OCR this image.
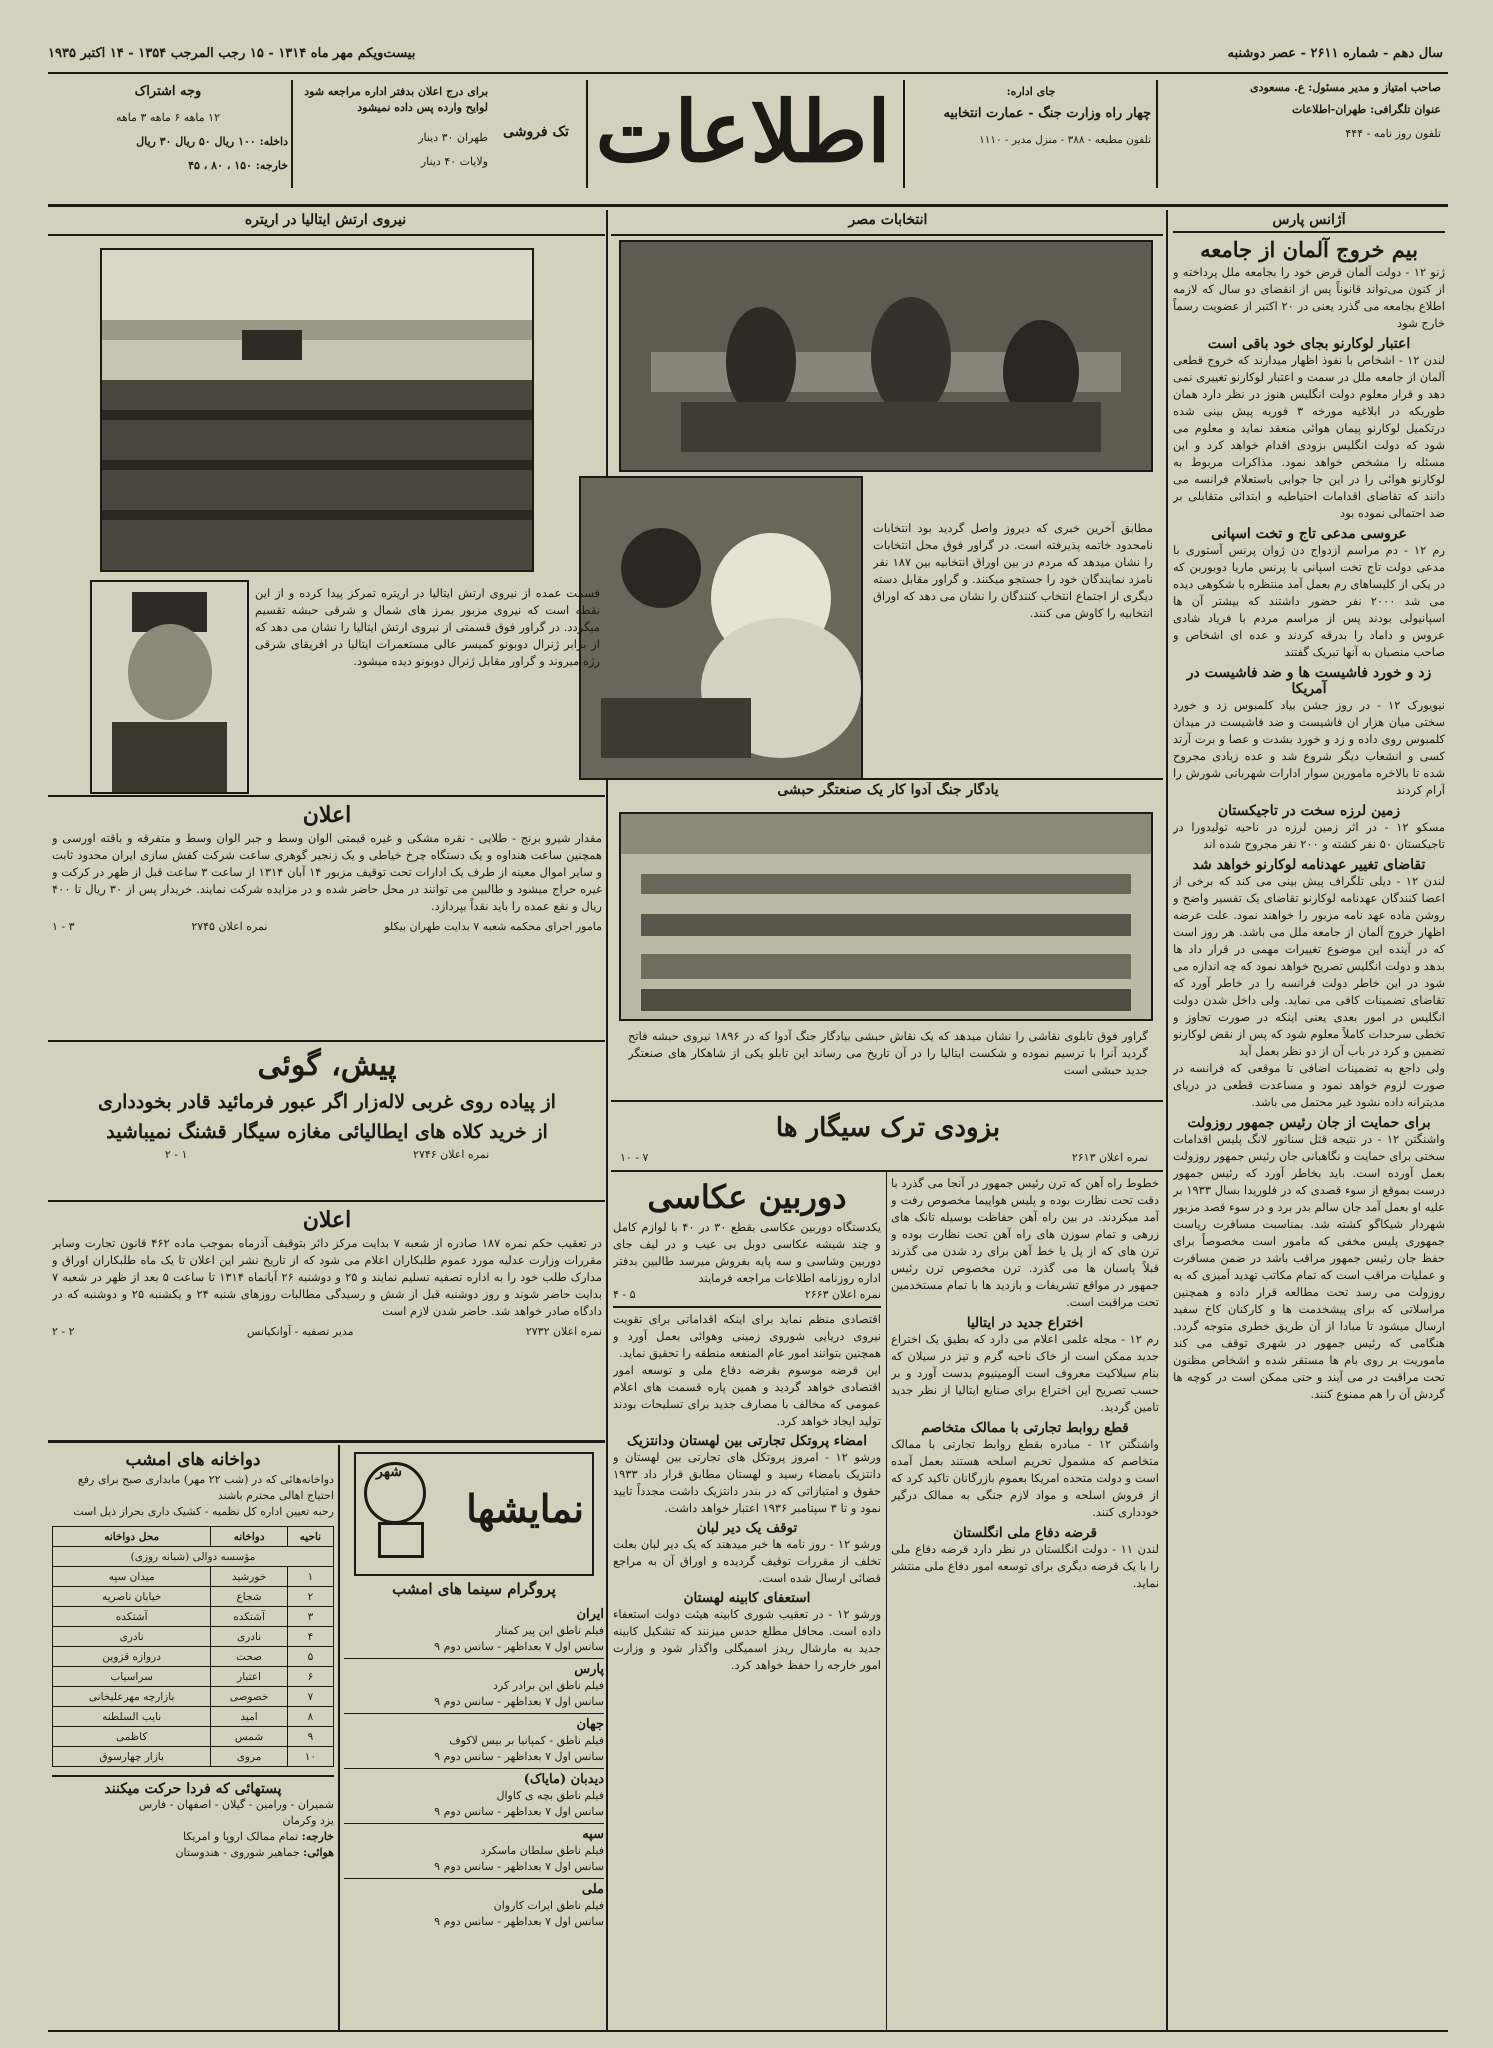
سال دهم - شماره ۲۶۱۱ - عصر دوشنبه
بیست‌ویکم مهر ماه ۱۳۱۴ - ۱۵ رجب المرجب ۱۳۵۴ - ۱۴ اکتبر ۱۹۳۵
صاحب امتیاز و مدیر مسئول: ع. مسعودی
عنوان تلگرافی: طهران-اطلاعات
تلفون روز نامه - ۴۴۴
جای اداره:
چهار راه وزارت جنگ - عمارت انتخابیه
تلفون مطبعه - ۳۸۸ - منزل مدیر - ۱۱۱۰
اطلاعات
تک فروشی
برای درج اعلان بدفتر اداره مراجعه شود لوایح وارده پس داده نمیشود
طهران ۳۰ دینار
ولایات ۴۰ دینار
وجه اشتراک
۱۲ ماهه ۶ ماهه ۳ ماهه
داخله: ۱۰۰ ریال ۵۰ ریال ۳۰ ریال
خارجه: ۱۵۰ ، ۸۰ ، ۴۵
آژانس پارس
بیم خروج آلمان از جامعه
ژنو ۱۲ - دولت آلمان قرض خود را بجامعه ملل پرداخته و از کنون می‌تواند قانوناً پس از انقضای دو سال که لازمه اطلاع بجامعه می گذرد یعنی در ۲۰ اکتبر از عضویت رسماً خارج شود
اعتبار لوکارنو بجای خود باقی است
لندن ۱۲ - اشخاص با نفوذ اظهار میدارند که خروج قطعی آلمان از جامعه ملل در سمت و اعتبار لوکارنو تغییری نمی دهد و قرار معلوم دولت انگلیس هنوز در نظر دارد همان طوریکه در ابلاغیه مورخه ۳ فوریه پیش بینی شده درتکمیل لوکارنو پیمان هوائی منعقد نماید و معلوم می شود که دولت انگلیس بزودی اقدام خواهد کرد و این مسئله را مشخص خواهد نمود. مذاکرات مربوط به لوکارنو هوائی را در این جا جوابی باستعلام فرانسه می دانند که تقاضای اقدامات احتیاطیه و ابتدائی متقابلی بر ضد احتمالی نموده بود
عروسی مدعی تاج و تخت اسپانی
رم ۱۲ - دم مراسم ازدواج دن ژوان پرنس آستوری با مدعی دولت تاج تخت اسپانی با پرنس ماریا دوبوربن که در یکی از کلیساهای رم بعمل آمد منتظره با شکوهی دیده می شد ۲۰۰۰ نفر حضور داشتند که بیشتر آن ها اسپانیولی بودند پس از مراسم مردم با فریاد شادی عروس و داماد را بدرقه کردند و عده ای اشخاص و صاحب منصبان به آنها تبریک گفتند
زد و خورد فاشیست ها و ضد فاشیست در آمریکا
نیویورک ۱۲ - در روز جشن بیاد کلمبوس زد و خورد سختی میان هزار ان فاشیست و ضد فاشیست در میدان کلمبوس روی داده و زد و خورد بشدت و عصا و برت آرتد کسی و انشعاب دیگر شروع شد و عده زیادی مجروح شده تا بالاخره مامورین سوار ادارات شهربانی شورش را آرام کردند
زمین لرزه سخت در تاجیکستان
مسکو ۱۲ - در اثر زمین لرزه در ناحیه تولیدورا در تاجیکستان ۵۰ نفر کشته و ۲۰۰ نفر مجروح شده اند
تقاضای تغییر عهدنامه لوکارنو خواهد شد
لندن ۱۲ - دیلی تلگراف پیش بینی می کند که برخی از اعضا کنندگان عهدنامه لوکارنو تقاضای یک تفسیر واضح و روشن ماده عهد نامه مزبور را خواهند نمود. علت عرضه اظهار خروج آلمان از جامعه ملل می باشد. هر روز است که در آینده این موضوع تغییرات مهمی در قرار داد ها بدهد و دولت انگلیس تصریح خواهد نمود که چه اندازه می شود در این خاطر دولت فرانسه را در خاطر آورد که تقاضای تضمینات کافی می نماید. ولی داخل شدن دولت انگلیس در امور بعدی یعنی اینکه در صورت تجاوز و تخطی سرحدات کاملاً معلوم شود که پس از نقض لوکارنو تضمین و کرد در باب آن از دو نظر بعمل آید
ولی داجع به تضمینات اضافی تا موقعی که فرانسه در صورت لزوم خواهد نمود و مساعدت قطعی در دریای مدیترانه داده نشود غیر محتمل می باشد.
برای حمایت از جان رئیس جمهور روزولت
واشنگتن ۱۲ - در نتیجه قتل سناتور لانگ پلیس اقدامات سختی برای حمایت و نگاهبانی جان رئیس جمهور روزولت بعمل آورده است. باید بخاطر آورد که رئیس جمهور درست بموقع از سوء قصدی که در فلوریدا بسال ۱۹۳۳ بر علیه او بعمل آمد جان سالم بدر برد و در سوء قصد مزبور شهردار شیکاگو کشته شد. بمناسبت مسافرت ریاست جمهوری پلیس مخفی که مامور است مخصوصاً برای حفظ جان رئیس جمهور مراقب باشد در ضمن مسافرت و عملیات مراقب است که تمام مکاتب تهدید آمیزی که به روزولت می رسد تحت مطالعه قرار داده و همچنین مراسلاتی که برای پیشخدمت ها و کارکنان کاخ سفید ارسال میشود تا مبادا از آن طریق خطری متوجه گردد. هنگامی که رئیس جمهور در شهری توقف می کند ماموریت بر روی بام ها مستقر شده و اشخاص مظنون تحت مراقبت در می آیند و حتی ممکن است در کوچه ها گردش آن را هم ممنوع کنند.
انتخابات مصر
مطابق آخرین خبری که دیروز واصل گردید بود انتخابات نامحدود خاتمه پذیرفته است. در گراور فوق محل انتخابات را نشان میدهد که مردم در بین اوراق انتخابیه بین ۱۸۷ نفر نامزد نمایندگان خود را جستجو میکنند. و گراور مقابل دسته دیگری از اجتماع انتخاب کنندگان را نشان می دهد که اوراق انتخابیه را کاوش می کنند.
یادگار جنگ آدوا کار یک صنعتگر حبشی
گراور فوق تابلوی نقاشی را نشان میدهد که یک نقاش حبشی بیادگار جنگ آدوا که در ۱۸۹۶ نیروی حبشه فاتح گردید آنرا با ترسیم نموده و شکست ایتالیا را در آن تاریخ می رساند این تابلو یکی از شاهکار های صنعتگر جدید حبشی است
بزودی ترک سیگار ها
نمره اعلان ۲۶۱۳
۷ - ۱۰
خطوط راه آهن که ترن رئیس جمهور در آنجا می گذرد با دقت تحت نظارت بوده و پلیس هواپیما مخصوص رفت و آمد میکردند. در بین راه آهن حفاظت بوسیله تانک های زرهی و تمام سوزن های راه آهن تحت نظارت بوده و ترن های که از پل یا خط آهن برای رد شدن می گذرند قبلاً پاسبان ها می گذرد. ترن مخصوص ترن رئیس جمهور در مواقع تشریفات و بازدید ها با تمام مستخدمین تحت مراقبت است.
اختراع جدید در ایتالیا
رم ۱۲ - مجله علمی اعلام می دارد که بطیق یک اختراع جدید ممکن است از خاک ناحیه گرم و تیز در سیلان که بنام سیلاکیت معروف است آلومینیوم بدست آورد و بر حسب تصریح این اختراع برای صنایع ایتالیا از نظر جدید تامین گردید.
قطع روابط تجارتی با ممالک متخاصم
واشنگتن ۱۲ - مبادره بقطع روابط تجارتی با ممالک متخاصم که مشمول تحریم اسلحه هستند بعمل آمده است و دولت متحده امریکا بعموم بازرگانان تاکید کرد که از فروش اسلحه و مواد لازم جنگی به ممالک درگیر خودداری کنند.
قرضه دفاع ملی انگلستان
لندن ۱۱ - دولت انگلستان در نظر دارد قرضه دفاع ملی را با یک قرضه دیگری برای توسعه امور دفاع ملی منتشر نماید.
دوربین عکاسی
یکدستگاه دوربین عکاسی بقطع ۳۰ در ۴۰ با لوازم کامل و چند شیشه عکاسی دوبل بی عیب و در لیف جای دوربین وشاسی و سه پایه بفروش میرسد طالبین بدفتر اداره روزنامه اطلاعات مراجعه فرمایند
نمره اعلان ۲۶۶۳
۵ - ۴
اقتصادی منظم نماید برای اینکه اقداماتی برای تقویت نیروی دریایی شوروی زمینی وهوائی بعمل آورد و همچنین بتوانند امور عام المنفعه منطقه را تحقیق نماید.
این قرضه موسوم بقرضه دفاع ملی و توسعه امور اقتصادی خواهد گردید و همین پاره قسمت های اعلام عمومی که مخالف با مصارف جدید برای تسلیحات بودند تولید ایجاد خواهد کرد.
امضاء پروتکل تجارتی بین لهستان ودانتزیک
ورشو ۱۲ - امروز پروتکل های تجارتی بین لهستان و دانتزیک بامضاء رسید و لهستان مطابق قرار داد ۱۹۳۳ حقوق و امتیازاتی که در بندر دانتزیک داشت مجدداً تایید نمود و تا ۳ سپتامبر ۱۹۳۶ اعتبار خواهد داشت.
توقف یک دیر لبان
ورشو ۱۲ - روز نامه ها خبر میدهند که یک دیر لبان بعلت تخلف از مقررات توقیف گردیده و اوراق آن به مراجع قضائی ارسال شده است.
استعفای کابینه لهستان
ورشو ۱۲ - در تعقیب شوری کابینه هیئت دولت استعفاء داده است. محافل مطلع حدس میزنند که تشکیل کابینه جدید به مارشال ریدز اسمیگلی واگذار شود و وزارت امور خارجه را حفظ خواهد کرد.
نیروی ارتش ایتالیا در اریتره
قسمت عمده از نیروی ارتش ایتالیا در اریتره تمرکز پیدا کرده و از این نقطه است که نیروی مزبور بمرز های شمال و شرقی حبشه تقسیم میگردد. در گراور فوق قسمتی از نیروی ارتش ایتالیا را نشان می دهد که از برابر ژنرال دوبونو کمیسر عالی مستعمرات ایتالیا در افریقای شرقی رژه میروند و گراور مقابل ژنرال دوبونو دیده میشود.
اعلان
مقدار شیرو برنج - طلایی - نقره مشکی و غیره قیمتی الوان وسط و جبر الوان وسط و متفرقه و باقته اورسی و همچنین ساعت هنداوه و یک دستگاه چرخ خیاطی و یک زنجیر گوهری ساعت شرکت کفش سازی ایران محدود ثابت و سایر اموال معینه از طرف یک ادارات تحت توقیف مزبور ۱۴ آبان ۱۳۱۴ از ساعت ۳ ساعت قبل از ظهر در کرکت و غیره حراج میشود و طالبین می توانند در محل حاضر شده و در مزایده شرکت نمایند. خریدار پس از ۳۰ ریال تا ۴۰۰ ریال و نفع عمده را باید نقداً بپردازد.
مامور اجرای محکمه شعبه ۷ بدایت طهران بیکلو
نمره اعلان ۲۷۴۵
۳ - ۱
پیش، گوئی
از پیاده روی غربی لاله‌زار اگر عبور فرمائید قادر بخودداری
از خرید کلاه های ایطالیائی مغازه سیگار قشنگ نمیباشید
نمره اعلان ۲۷۴۶
۱ - ۲
اعلان
در تعقیب حکم نمره ۱۸۷ صادره از شعبه ۷ بدایت مرکز دائر بتوقیف آذرماه بموجب ماده ۴۶۲ قانون تجارت وسایر مقررات وزارت عدلیه مورد عموم طلبکاران اعلام می شود که از تاریخ نشر این اعلان تا یک ماه طلبکاران اوراق و مدارک طلب خود را به اداره تصفیه تسلیم نمایند و ۲۵ و دوشنبه ۲۶ آبانماه ۱۳۱۴ تا ساعت ۵ بعد از ظهر در شعبه ۷ بدایت حاضر شوند و روز دوشنبه قبل از شش و رسیدگی مطالبات روزهای شنبه ۲۴ و یکشنبه ۲۵ و دوشنبه که در دادگاه صادر خواهد شد. حاضر شدن لازم است
نمره اعلان ۲۷۳۲
مدیر تصفیه - آوانکیانس
۲ - ۲
نمایشها
شهر
پروگرام سینما های امشب
ایران
فیلم ناطق این پیر کمتار
سانس اول ۷ بعداظهر - سانس دوم ۹
پارس
فیلم ناطق این برادر کرد
سانس اول ۷ بعداظهر - سانس دوم ۹
جهان
فیلم ناطق - کمپانیا بر بیس لاکوف
سانس اول ۷ بعداظهر - سانس دوم ۹
دیدبان (مایاک)
فیلم ناطق بچه ی کاوال
سانس اول ۷ بعداظهر - سانس دوم ۹
سپه
فیلم ناطق سلطان ماسکرد
سانس اول ۷ بعداظهر - سانس دوم ۹
ملی
فیلم ناطق ایرات کاروان
سانس اول ۷ بعداظهر - سانس دوم ۹
دواخانه های امشب
دواخانه‌هائی که در (شب ۲۲ مهر) مابداری صبح برای رفع احتیاج اهالی محترم باشند
رحبه تعیین اداره کل نظمیه - کشیک داری بحراز ذیل است
ناحیه	دواخانه	محل دواخانه
مؤسسه دوالی (شبانه روزی)		
۱	خورشید	میدان سپه
۲	شجاع	خیابان ناصریه
۳	آشتکده	آشتکده
۴	نادری	نادری
۵	صحت	دروازه قزوین
۶	اعتبار	سراسیاب
۷	خصوصی	بازارچه مهرعلیخانی
۸	امید	نایب السلطنه
۹	شمس	کاظمی
۱۰	مروی	بازار چهارسوق
پستهائی که فردا حرکت میکنند
شمیران - ورامین - گیلان - اصفهان - فارس
یزد وکرمان
خارجه: تمام ممالک اروپا و امریکا
هوائی: جماهیر شوروی - هندوستان
